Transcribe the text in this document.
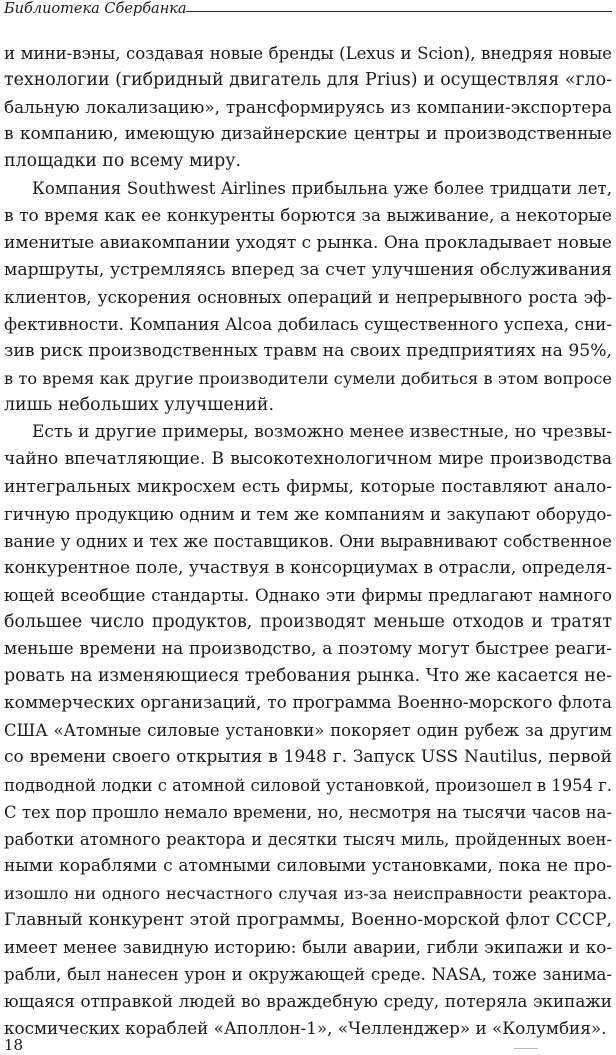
Библиотека Сбербанка
и мини-вэны, создавая новые бренды (Lexus и Scion), внедряя новые
технологии (гибридный двигатель для Prius) и осуществляя «гло-
бальную локализацию», трансформируясь из компании-экспортера
в компанию, имеющую дизайнерские центры и производственные
площадки по всему миру.
Компания Southwest Airlines прибыльна уже более тридцати лет,
в то время как ее конкуренты борются за выживание, а некоторые
именитые авиакомпании уходят с рынка. Она прокладывает новые
маршруты, устремляясь вперед за счет улучшения обслуживания
клиентов, ускорения основных операций и непрерывного роста эф-
фективности. Компания Alcoa добилась существенного успеха, сни-
зив риск производственных травм на своих предприятиях на 95%,
в то время как другие производители сумели добиться в этом вопросе
лишь небольших улучшений.
Есть и другие примеры, возможно менее известные, но чрезвы-
чайно впечатляющие. В высокотехнологичном мире производства
интегральных микросхем есть фирмы, которые поставляют анало-
гичную продукцию одним и тем же компаниям и закупают оборудо-
вание у одних и тех же поставщиков. Они выравнивают собственное
конкурентное поле, участвуя в консорциумах в отрасли, определя-
ющей всеобщие стандарты. Однако эти фирмы предлагают намного
большее число продуктов, производят меньше отходов и тратят
меньше времени на производство, а поэтому могут быстрее реаги-
ровать на изменяющиеся требования рынка. Что же касается не-
коммерческих организаций, то программа Военно-морского флота
США «Атомные силовые установки» покоряет один рубеж за другим
со времени своего открытия в 1948 г. Запуск USS Nautilus, первой
подводной лодки с атомной силовой установкой, произошел в 1954 г.
С тех пор прошло немало времени, но, несмотря на тысячи часов на-
работки атомного реактора и десятки тысяч миль, пройденных воен-
ными кораблями с атомными силовыми установками, пока не про-
изошло ни одного несчастного случая из-за неисправности реактора.
Главный конкурент этой программы, Военно-морской флот СССР,
имеет менее завидную историю: были аварии, гибли экипажи и ко-
рабли, был нанесен урон и окружающей среде. NASA, тоже занима-
ющаяся отправкой людей во враждебную среду, потеряла экипажи
космических кораблей «Аполлон-1», «Челленджер» и «Колумбия».
18
